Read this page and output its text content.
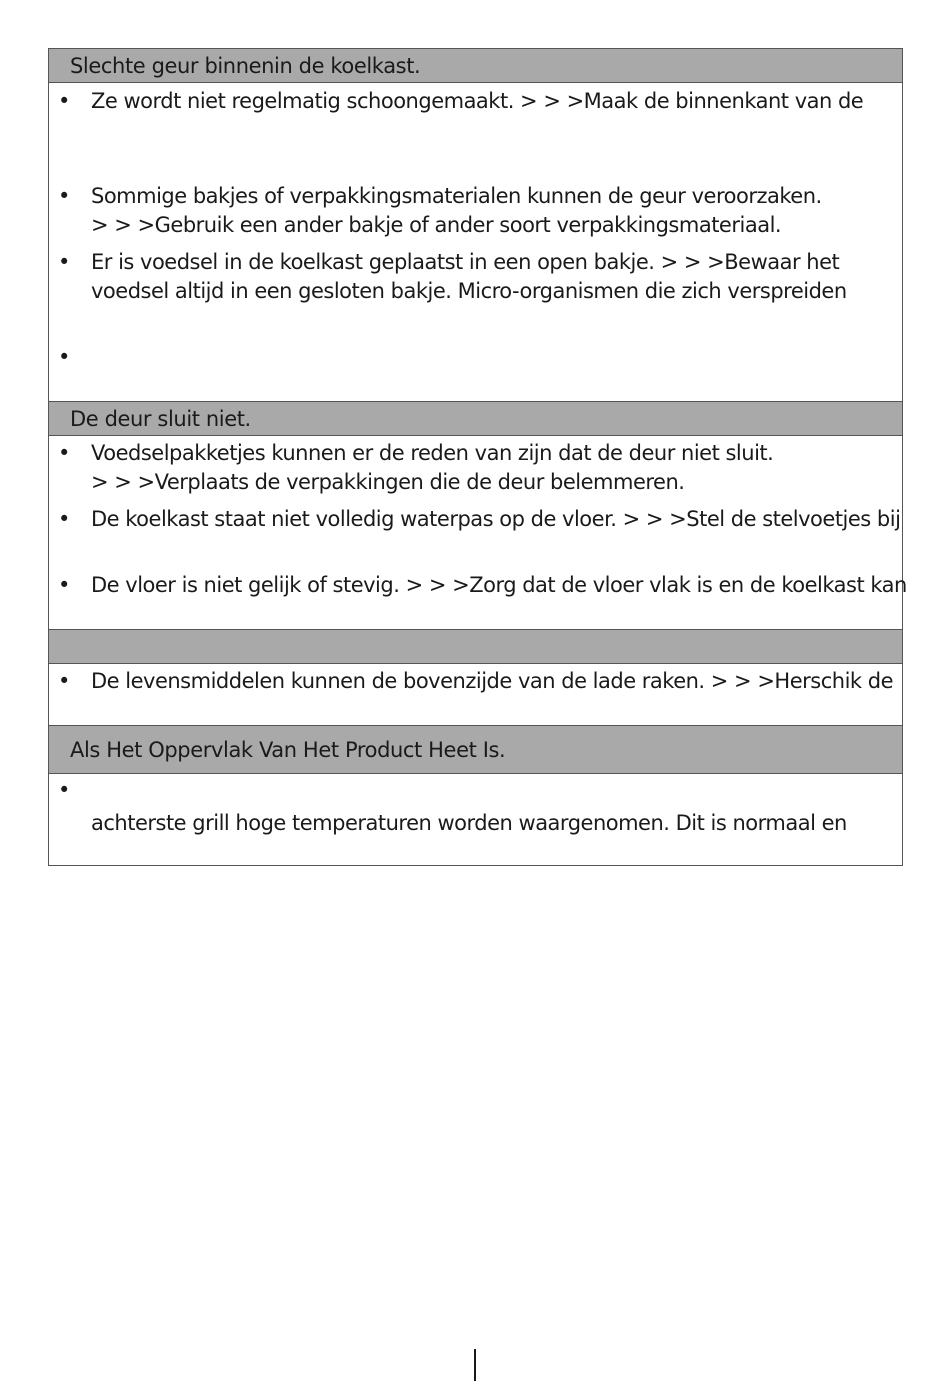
Slechte geur binnenin de koelkast.
• Ze wordt niet regelmatig schoongemaakt. > > >Maak de binnenkant van de
• Sommige bakjes of verpakkingsmaterialen kunnen de geur veroorzaken.
> > >Gebruik een ander bakje of ander soort verpakkingsmateriaal.
• Er is voedsel in de koelkast geplaatst in een open bakje. > > >Bewaar het
voedsel altijd in een gesloten bakje. Micro-organismen die zich verspreiden
•
De deur sluit niet.
• Voedselpakketjes kunnen er de reden van zijn dat de deur niet sluit.
> > >Verplaats de verpakkingen die de deur belemmeren.
• De koelkast staat niet volledig waterpas op de vloer. > > >Stel de stelvoetjes bij
• De vloer is niet gelijk of stevig. > > >Zorg dat de vloer vlak is en de koelkast kan
• De levensmiddelen kunnen de bovenzijde van de lade raken. > > >Herschik de
Als Het Oppervlak Van Het Product Heet Is.
•
achterste grill hoge temperaturen worden waargenomen. Dit is normaal en
